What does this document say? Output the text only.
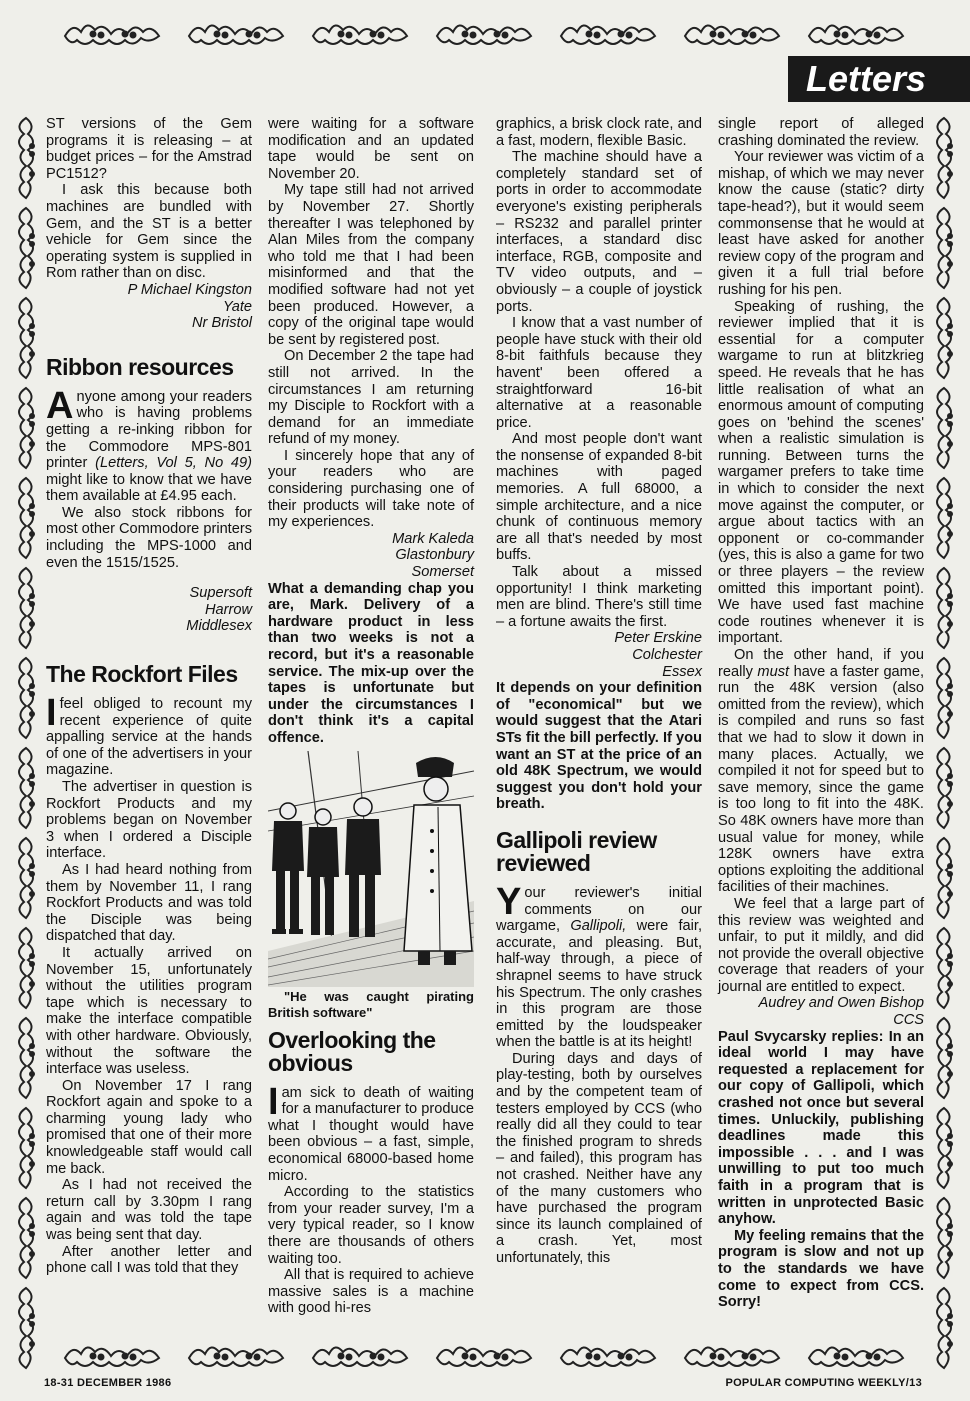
Letters

ST versions of the Gem programs it is releasing – at budget prices – for the Amstrad PC1512?

I ask this because both machines are bundled with Gem, and the ST is a better vehicle for Gem since the operating system is supplied in Rom rather than on disc.

P Michael Kingston

Yate

Nr Bristol

Ribbon resources

Anyone among your readers who is having problems getting a re-inking ribbon for the Commodore MPS-801 printer (Letters, Vol 5, No 49) might like to know that we have them available at £4.95 each.

We also stock ribbons for most other Commodore printers including the MPS-1000 and even the 1515/1525.

Supersoft

Harrow

Middlesex

The Rockfort Files

I feel obliged to recount my recent experience of quite appalling service at the hands of one of the advertisers in your magazine.

The advertiser in question is Rockfort Products and my problems began on November 3 when I ordered a Disciple interface.

As I had heard nothing from them by November 11, I rang Rockfort Products and was told the Disciple was being dispatched that day.

It actually arrived on November 15, unfortunately without the utilities program tape which is necessary to make the interface compatible with other hardware. Obviously, without the software the interface was useless.

On November 17 I rang Rockfort again and spoke to a charming young lady who promised that one of their more knowledgeable staff would call me back.

As I had not received the return call by 3.30pm I rang again and was told the tape was being sent that day.

After another letter and phone call I was told that they

were waiting for a software modification and an updated tape would be sent on November 20.

My tape still had not arrived by November 27. Shortly thereafter I was telephoned by Alan Miles from the company who told me that I had been misinformed and that the modified software had not yet been produced. However, a copy of the original tape would be sent by registered post.

On December 2 the tape had still not arrived. In the circumstances I am returning my Disciple to Rockfort with a demand for an immediate refund of my money.

I sincerely hope that any of your readers who are considering purchasing one of their products will take note of my experiences.

Mark Kaleda

Glastonbury

Somerset

What a demanding chap you are, Mark. Delivery of a hardware product in less than two weeks is not a record, but it's a reasonable service. The mix-up over the tapes is unfortunate but under the circumstances I don't think it's a capital offence.

"He was caught pirating British software"

Overlooking the obvious

I am sick to death of waiting for a manufacturer to produce what I thought would have been obvious – a fast, simple, economical 68000-based home micro.

According to the statistics from your reader survey, I'm a very typical reader, so I know there are thousands of others waiting too.

All that is required to achieve massive sales is a machine with good hi-res

graphics, a brisk clock rate, and a fast, modern, flexible Basic.

The machine should have a completely standard set of ports in order to accommodate everyone's existing peripherals – RS232 and parallel printer interfaces, a standard disc interface, RGB, composite and TV video outputs, and – obviously – a couple of joystick ports.

I know that a vast number of people have stuck with their old 8-bit faithfuls because they havent' been offered a straightforward 16-bit alternative at a reasonable price.

And most people don't want the nonsense of expanded 8-bit machines with paged memories. A full 68000, a simple architecture, and a nice chunk of continuous memory are all that's needed by most buffs.

Talk about a missed opportunity! I think marketing men are blind. There's still time – a fortune awaits the first.

Peter Erskine

Colchester

Essex

It depends on your definition of "economical" but we would suggest that the Atari STs fit the bill perfectly. If you want an ST at the price of an old 48K Spectrum, we would suggest you don't hold your breath.

Gallipoli review reviewed

Your reviewer's initial comments on our wargame, Gallipoli, were fair, accurate, and pleasing. But, half-way through, a piece of shrapnel seems to have struck his Spectrum. The only crashes in this program are those emitted by the loudspeaker when the battle is at its height!

During days and days of play-testing, both by ourselves and by the competent team of testers employed by CCS (who really did all they could to tear the finished program to shreds – and failed), this program has not crashed. Neither have any of the many customers who have purchased the program since its launch complained of a crash. Yet, most unfortunately, this

single report of alleged crashing dominated the review.

Your reviewer was victim of a mishap, of which we may never know the cause (static? dirty tape-head?), but it would seem commonsense that he would at least have asked for another review copy of the program and given it a full trial before rushing for his pen.

Speaking of rushing, the reviewer implied that it is essential for a computer wargame to run at blitzkrieg speed. He reveals that he has little realisation of what an enormous amount of computing goes on 'behind the scenes' when a realistic simulation is running. Between turns the wargamer prefers to take time in which to consider the next move against the computer, or argue about tactics with an opponent or co-commander (yes, this is also a game for two or three players – the review omitted this important point). We have used fast machine code routines whenever it is important.

On the other hand, if you really must have a faster game, run the 48K version (also omitted from the review), which is compiled and runs so fast that we had to slow it down in many places. Actually, we compiled it not for speed but to save memory, since the game is too long to fit into the 48K. So 48K owners have more than usual value for money, while 128K owners have extra options exploiting the additional facilities of their machines.

We feel that a large part of this review was weighted and unfair, to put it mildly, and did not provide the overall objective coverage that readers of your journal are entitled to expect.

Audrey and Owen Bishop

CCS

Paul Svycarsky replies: In an ideal world I may have requested a replacement for our copy of Gallipoli, which crashed not once but several times. Unluckily, publishing deadlines made this impossible . . . and I was unwilling to put too much faith in a program that is written in unprotected Basic anyhow.

My feeling remains that the program is slow and not up to the standards we have come to expect from CCS. Sorry!

18-31 DECEMBER 1986	POPULAR COMPUTING WEEKLY/13
